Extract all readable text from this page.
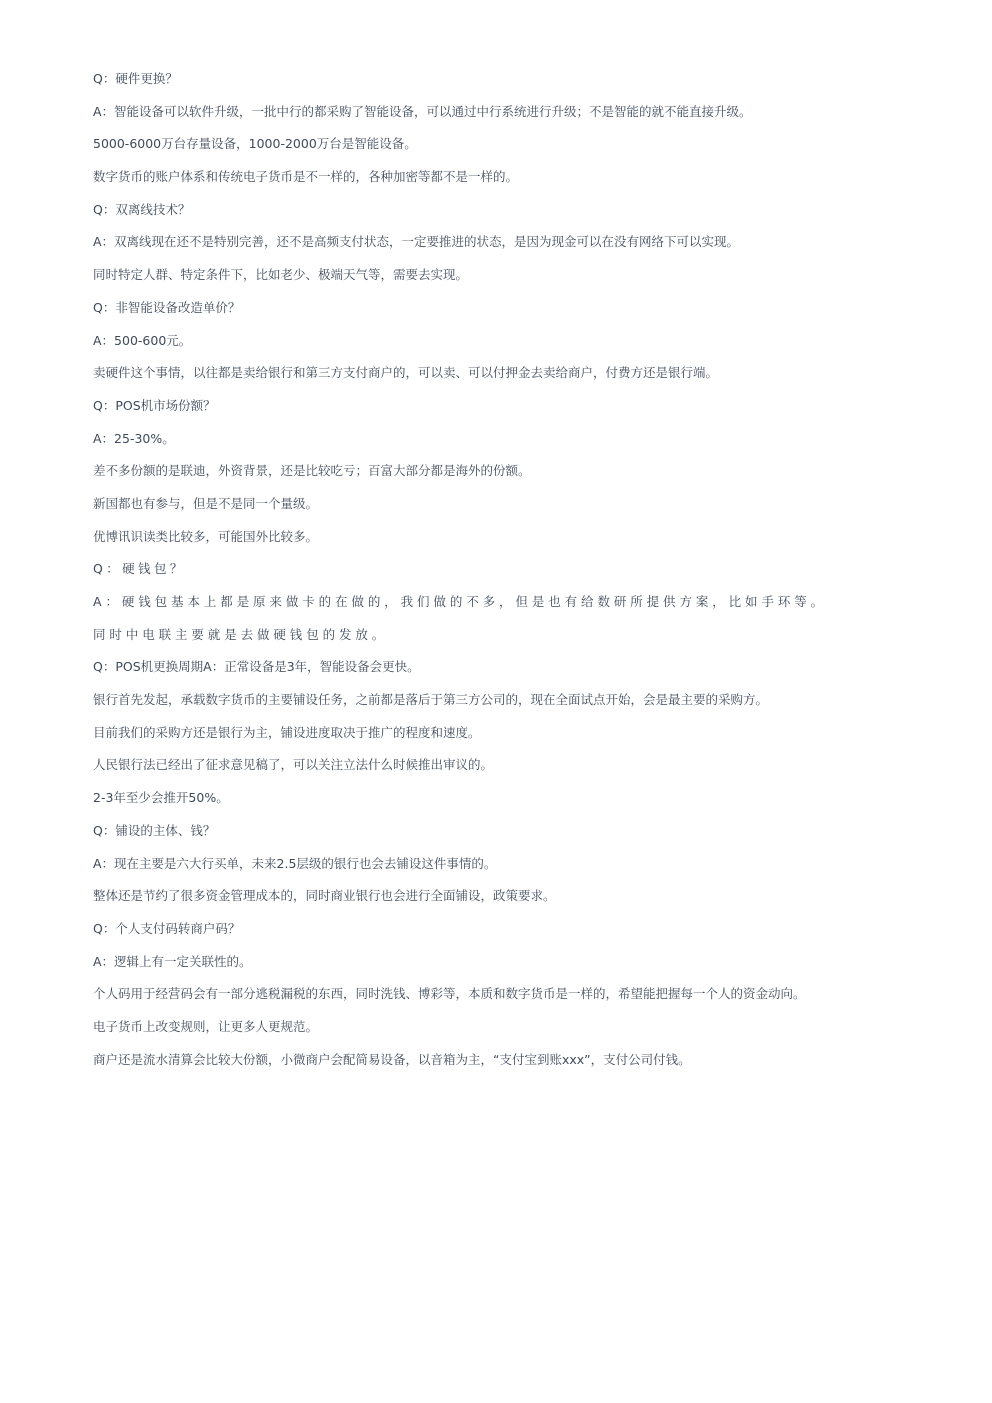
Q：硬件更换？
A：智能设备可以软件升级，一批中行的都采购了智能设备，可以通过中行系统进行升级；不是智能的就不能直接升级。
5000-6000万台存量设备，1000-2000万台是智能设备。
数字货币的账户体系和传统电子货币是不一样的，各种加密等都不是一样的。
Q：双离线技术？
A：双离线现在还不是特别完善，还不是高频支付状态，一定要推进的状态，是因为现金可以在没有网络下可以实现。
同时特定人群、特定条件下，比如老少、极端天气等，需要去实现。
Q：非智能设备改造单价？
A：500-600元。
卖硬件这个事情，以往都是卖给银行和第三方支付商户的，可以卖、可以付押金去卖给商户，付费方还是银行端。
Q：POS机市场份额？
A：25-30%。
差不多份额的是联迪，外资背景，还是比较吃亏；百富大部分都是海外的份额。
新国都也有参与，但是不是同一个量级。
优博讯识读类比较多，可能国外比较多。
Q：硬钱包？
A：硬钱包基本上都是原来做卡的在做的，我们做的不多，但是也有给数研所提供方案，比如手环等。
同时中电联主要就是去做硬钱包的发放。
Q：POS机更换周期A：正常设备是3年，智能设备会更快。
银行首先发起，承载数字货币的主要铺设任务，之前都是落后于第三方公司的，现在全面试点开始，会是最主要的采购方。
目前我们的采购方还是银行为主，铺设进度取决于推广的程度和速度。
人民银行法已经出了征求意见稿了，可以关注立法什么时候推出审议的。
2-3年至少会推开50%。
Q：铺设的主体、钱？
A：现在主要是六大行买单，未来2.5层级的银行也会去铺设这件事情的。
整体还是节约了很多资金管理成本的，同时商业银行也会进行全面铺设，政策要求。
Q：个人支付码转商户码？
A：逻辑上有一定关联性的。
个人码用于经营码会有一部分逃税漏税的东西，同时洗钱、博彩等，本质和数字货币是一样的，希望能把握每一个人的资金动向。
电子货币上改变规则，让更多人更规范。
商户还是流水清算会比较大份额，小微商户会配简易设备，以音箱为主，“支付宝到账xxx”，支付公司付钱。
